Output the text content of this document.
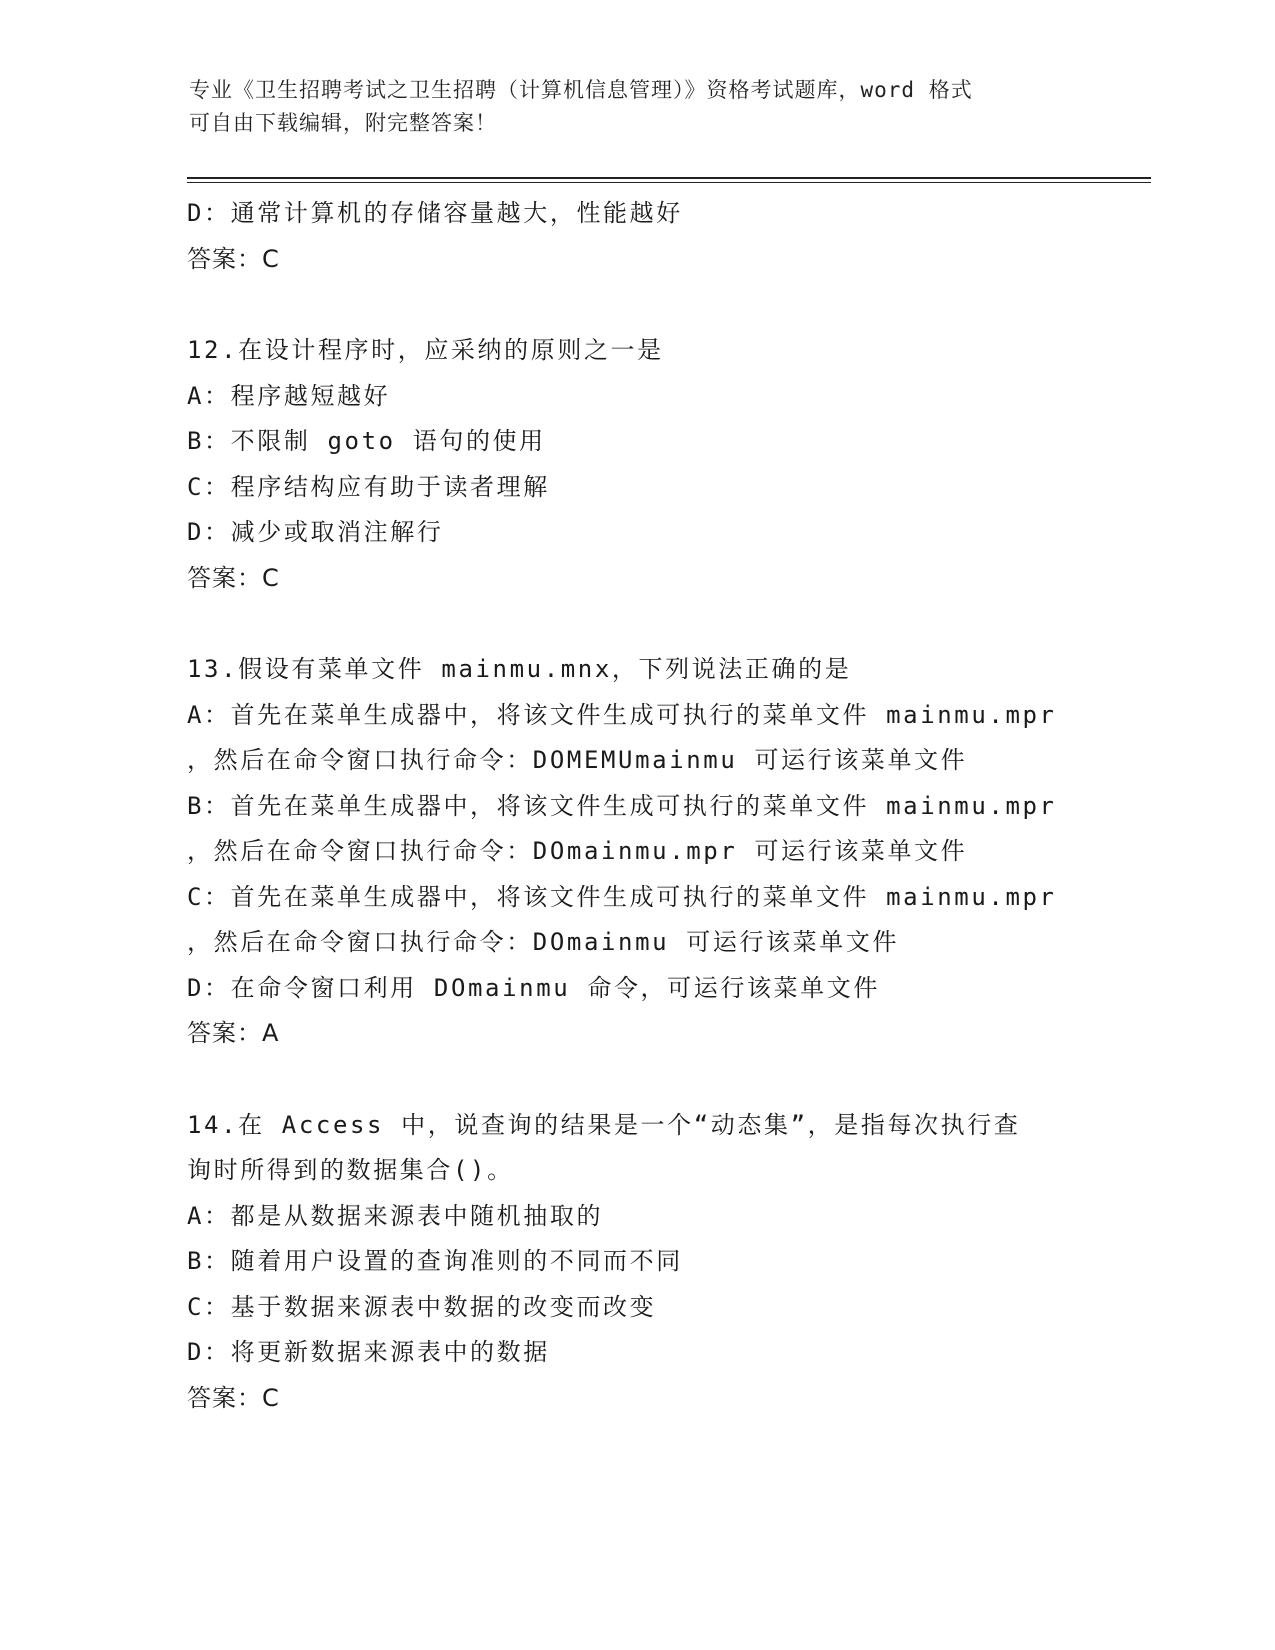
专业《卫生招聘考试之卫生招聘（计算机信息管理）》资格考试题库，word 格式
可自由下载编辑，附完整答案！
D：通常计算机的存储容量越大，性能越好
答案：C
12.在设计程序时，应采纳的原则之一是
A：程序越短越好
B：不限制 goto 语句的使用
C：程序结构应有助于读者理解
D：减少或取消注解行
答案：C
13.假设有菜单文件 mainmu.mnx，下列说法正确的是
A：首先在菜单生成器中，将该文件生成可执行的菜单文件 mainmu.mpr
，然后在命令窗口执行命令：DOMEMUmainmu 可运行该菜单文件
B：首先在菜单生成器中，将该文件生成可执行的菜单文件 mainmu.mpr
，然后在命令窗口执行命令：DOmainmu.mpr 可运行该菜单文件
C：首先在菜单生成器中，将该文件生成可执行的菜单文件 mainmu.mpr
，然后在命令窗口执行命令：DOmainmu 可运行该菜单文件
D：在命令窗口利用 DOmainmu 命令，可运行该菜单文件
答案：A
14.在 Access 中，说查询的结果是一个“动态集”，是指每次执行查
询时所得到的数据集合()。
A：都是从数据来源表中随机抽取的
B：随着用户设置的查询准则的不同而不同
C：基于数据来源表中数据的改变而改变
D：将更新数据来源表中的数据
答案：C
